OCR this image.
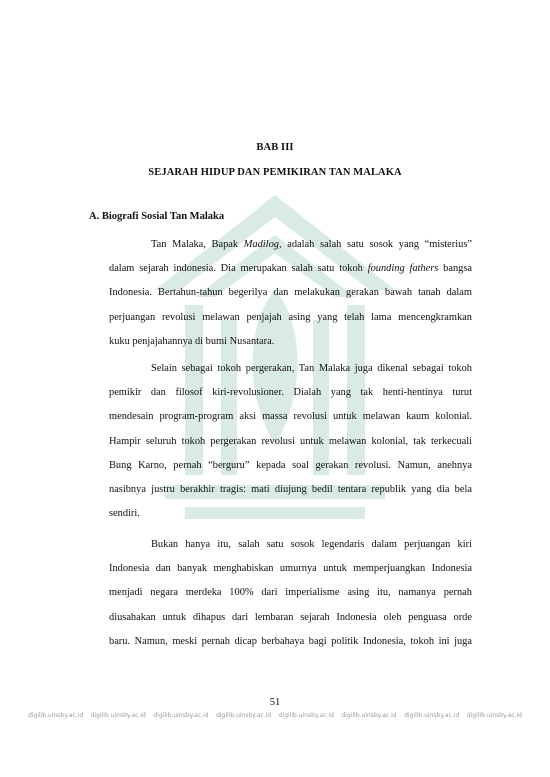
BAB III
SEJARAH HIDUP DAN PEMIKIRAN TAN MALAKA
A. Biografi Sosial Tan Malaka
Tan Malaka, Bapak Madilog, adalah salah satu sosok yang “misterius”
dalam sejarah indonesia. Dia merupakan salah satu tokoh founding fathers bangsa
Indonesia. Bertahun-tahun begerilya dan melakukan gerakan bawah tanah dalam
perjuangan revolusi melawan penjajah asing yang telah lama mencengkramkan
kuku penjajahannya di bumi Nusantara.
Selain sebagai tokoh pergerakan, Tan Malaka juga dikenal sebagai tokoh
pemikir dan filosof kiri-revolusioner. Dialah yang tak henti-hentinya turut
mendesain program-program aksi massa revolusi untuk melawan kaum kolonial.
Hampir seluruh tokoh pergerakan revolusi untuk melawan kolonial, tak terkecuali
Bung Karno, pernah “berguru” kepada soal gerakan revolusi. Namun, anehnya
nasibnya justru berakhir tragis: mati diujung bedil tentara republik yang dia bela
sendiri.
Bukan hanya itu, salah satu sosok legendaris dalam perjuangan kiri
Indonesia dan banyak menghabiskan umurnya untuk memperjuangkan Indonesia
menjadi negara merdeka 100% dari imperialisme asing itu, namanya pernah
diusahakan untuk dihapus dari lembaran sejarah Indonesia oleh penguasa orde
baru. Namun, meski pernah dicap berbahaya bagi politik Indonesia, tokoh ini juga
51
digilib.uinsby.ac.id digilib.uinsby.ac.id digilib.uinsby.ac.id digilib.uinsby.ac.id digilib.uinsby.ac.id digilib.uinsby.ac.id digilib.uinsby.ac.id digilib.uinsby.ac.id
